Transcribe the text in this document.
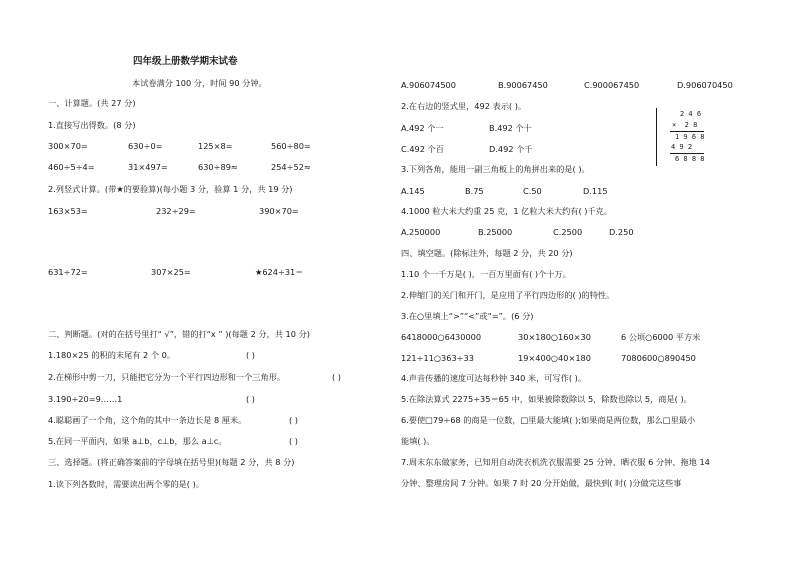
四年级上册数学期末试卷
本试卷满分 100 分，时间 90 分钟。
一、计算题。(共 27 分)
1.直接写出得数。(8 分)
300×70=	630÷0=	125×8=	560÷80=
460÷5÷4=	31×497=	630÷89≈	254÷52≈
2.列竖式计算。(带★的要验算)(每小题 3 分，验算 1 分，共 19 分)
163×53=	232÷29=	390×70=
631÷72=	307×25=	★624÷31＝
二、判断题。(对的在括号里打“ √”，错的打“x ” )(每题 2 分，共 10 分)
1.180×25 的积的末尾有 2 个 0。	( )
2.在梯形中剪一刀，只能把它分为一个平行四边形和一个三角形。	( )
3.190÷20=9……1	( )
4.聪聪画了一个角，这个角的其中一条边长是 8 厘米。	( )
5.在同一平面内，如果 a⊥b，c⊥b，那么 a⊥c。	( )
三、选择题。(将正确答案前的字母填在括号里)(每题 2 分，共 8 分)
1.读下列各数时，需要读出两个零的是( )。
A.906074500	B.90067450	C.900067450	D.906070450
2.在右边的竖式里，492 表示( )。
A.492 个一	B.492 个十
C.492 个百	D.492 个千
2 4 6
×  2 8
1 9 6 8
4 9 2
6 8 8 8
3.下列各角，能用一副三角板上的角拼出来的是( )。
A.145	B.75	C.50	D.115
4.1000 粒大米大约重 25 克，1 亿粒大米大约有( )千克。
A.250000	B.25000	C.2500	D.250
四、填空题。(除标注外，每题 2 分，共 20 分)
1.10 个一千万是( )，一百万里面有( )个十万。
2.伸缩门的关门和开门，是应用了平行四边形的( )的特性。
3.在○里填上“>”“<”或“=”。(6 分)
6418000○6430000	30×180○160×30	6 公顷○6000 平方米
121÷11○363÷33	19×400○40×180	7080600○890450
4.声音传播的速度可达每秒钟 340 米，可写作( )。
5.在除法算式 2275÷35＝65 中，如果被除数除以 5，除数也除以 5，商是( )。
6.要使□79÷68 的商是一位数，□里最大能填( );如果商是两位数，那么□里最小
能填( )。
7.周末东东做家务，已知用自动洗衣机洗衣服需要 25 分钟、晒衣服 6 分钟、拖地 14
分钟、整理房间 7 分钟。如果 7 时 20 分开始做，最快到( 时( )分做完这些事
